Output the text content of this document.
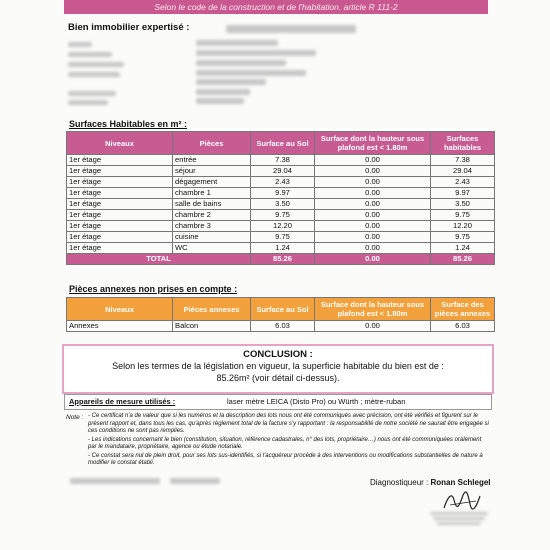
Selon le code de la construction et de l'habitation. article R 111-2
Bien immobilier expertisé :
Surfaces Habitables en m² :
Niveaux	Pièces	Surface au Sol	Surface dont la hauteur sous plafond est < 1.80m	Surfaces habitables
1er étage	entrée	7.38	0.00	7.38
1er étage	séjour	29.04	0.00	29.04
1er étage	dégagement	2.43	0.00	2.43
1er étage	chambre 1	9.97	0.00	9.97
1er étage	salle de bains	3.50	0.00	3.50
1er étage	chambre 2	9.75	0.00	9.75
1er étage	chambre 3	12.20	0.00	12.20
1er étage	cuisine	9.75	0.00	9.75
1er étage	WC	1.24	0.00	1.24
TOTAL		85.26	0.00	85.26
Pièces annexes non prises en compte :
Niveaux	Pièces annexes	Surface au Sol	Surface dont la hauteur sous plafond est < 1.80m	Surface des pièces annexes
Annexes	Balcon	6.03	0.00	6.03
CONCLUSION :
Selon les termes de la législation en vigueur, la superficie habitable du bien est de :
85.26m² (voir détail ci-dessus).
Appareils de mesure utilisés :	laser mètre LEICA (Disto Pro) ou Würth ; mètre-ruban
Note : - Ce certificat n'a de valeur que si les numéros et la description des lots nous ont été communiqués avec précision, ont été vérifiés et figurent sur le présent rapport et, dans tous les cas, qu'après règlement total de la facture s'y rapportant : la responsabilité de notre société ne saurait être engagée si ces conditions ne sont pas remplies.

- Les indications concernant le bien (constitution, situation, référence cadastrales, n° des lots, propriétaire…) nous ont été communiquées oralement par le mandataire, propriétaire, agence ou étude notariale.

- Ce constat sera nul de plein droit, pour ses lots sus-identifiés, si l'acquéreur procède à des interventions ou modifications substantielles de nature à modifier le constat établi.

Diagnostiqueur : Ronan Schlegel
